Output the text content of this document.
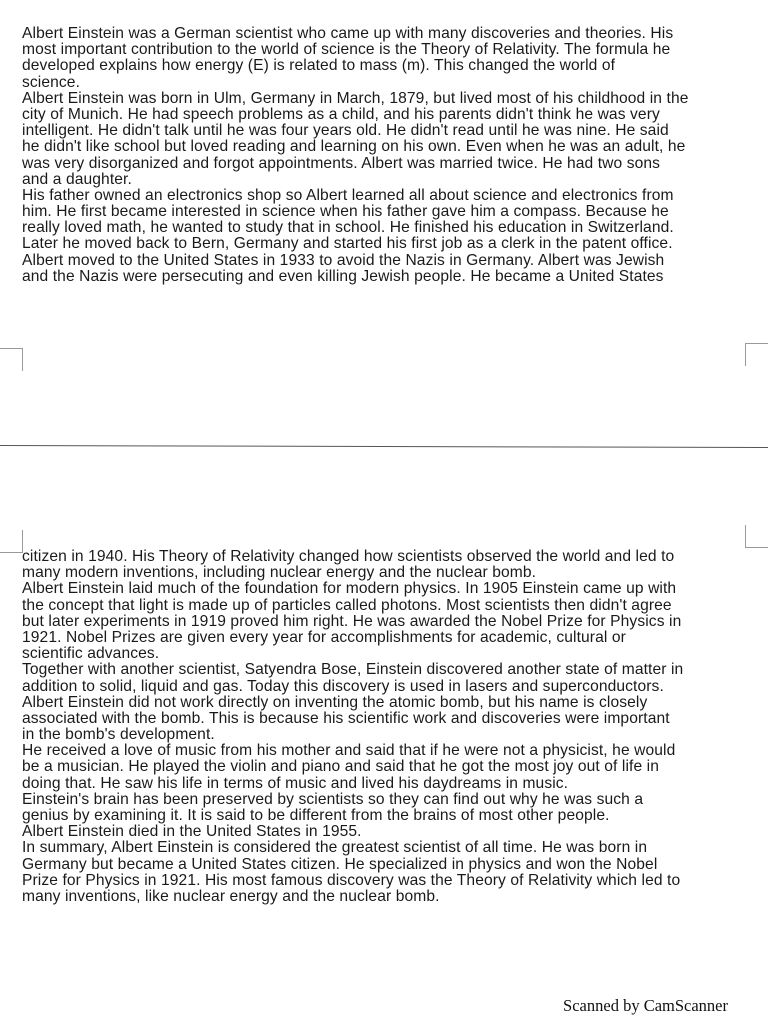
Albert Einstein was a German scientist who came up with many discoveries and theories. His
most important contribution to the world of science is the Theory of Relativity. The formula he
developed explains how energy (E) is related to mass (m). This changed the world of
science.
Albert Einstein was born in Ulm, Germany in March, 1879, but lived most of his childhood in the
city of Munich. He had speech problems as a child, and his parents didn't think he was very
intelligent. He didn't talk until he was four years old. He didn't read until he was nine. He said
he didn't like school but loved reading and learning on his own. Even when he was an adult, he
was very disorganized and forgot appointments. Albert was married twice. He had two sons
and a daughter.
His father owned an electronics shop so Albert learned all about science and electronics from
him. He first became interested in science when his father gave him a compass. Because he
really loved math, he wanted to study that in school. He finished his education in Switzerland.
Later he moved back to Bern, Germany and started his first job as a clerk in the patent office.
Albert moved to the United States in 1933 to avoid the Nazis in Germany. Albert was Jewish
and the Nazis were persecuting and even killing Jewish people. He became a United States
citizen in 1940. His Theory of Relativity changed how scientists observed the world and led to
many modern inventions, including nuclear energy and the nuclear bomb.
Albert Einstein laid much of the foundation for modern physics. In 1905 Einstein came up with
the concept that light is made up of particles called photons. Most scientists then didn't agree
but later experiments in 1919 proved him right. He was awarded the Nobel Prize for Physics in
1921. Nobel Prizes are given every year for accomplishments for academic, cultural or
scientific advances.
Together with another scientist, Satyendra Bose, Einstein discovered another state of matter in
addition to solid, liquid and gas. Today this discovery is used in lasers and superconductors.
Albert Einstein did not work directly on inventing the atomic bomb, but his name is closely
associated with the bomb. This is because his scientific work and discoveries were important
in the bomb's development.
He received a love of music from his mother and said that if he were not a physicist, he would
be a musician. He played the violin and piano and said that he got the most joy out of life in
doing that. He saw his life in terms of music and lived his daydreams in music.
Einstein's brain has been preserved by scientists so they can find out why he was such a
genius by examining it. It is said to be different from the brains of most other people.
Albert Einstein died in the United States in 1955.
In summary, Albert Einstein is considered the greatest scientist of all time. He was born in
Germany but became a United States citizen. He specialized in physics and won the Nobel
Prize for Physics in 1921. His most famous discovery was the Theory of Relativity which led to
many inventions, like nuclear energy and the nuclear bomb.
Scanned by CamScanner
